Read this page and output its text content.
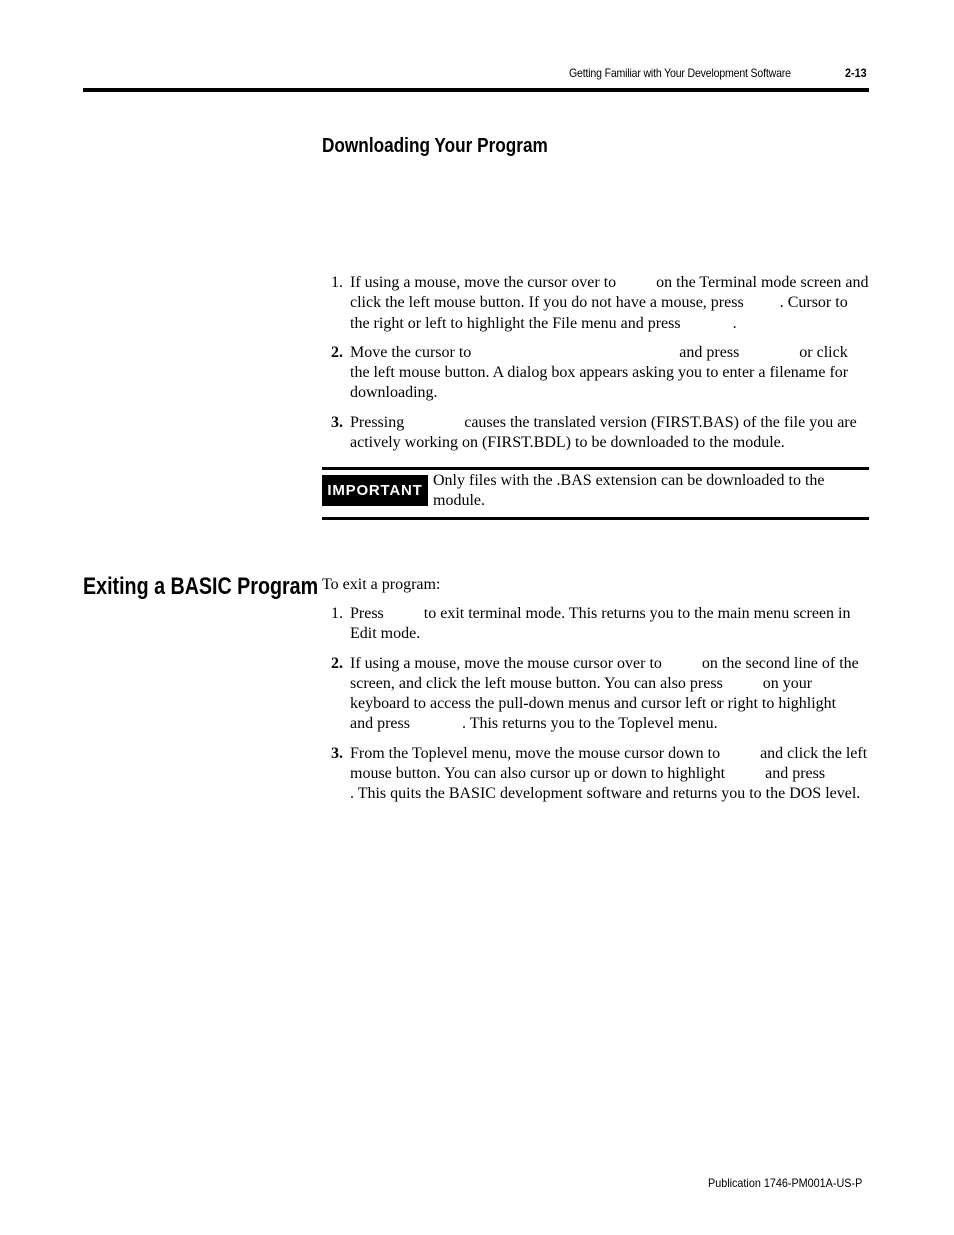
Getting Familiar with Your Development Software	2-13
Downloading Your Program
1. If using a mouse, move the cursor over to          on the Terminal mode screen and click the left mouse button. If you do not have a mouse, press         . Cursor to the right or left to highlight the File menu and press             .
2. Move the cursor to                                                    and press               or click the left mouse button. A dialog box appears asking you to enter a filename for downloading.
3. Pressing               causes the translated version (FIRST.BAS) of the file you are actively working on (FIRST.BDL) to be downloaded to the module.
IMPORTANT
Only files with the .BAS extension can be downloaded to the module.
Exiting a BASIC Program To exit a program:
1. Press          to exit terminal mode. This returns you to the main menu screen in Edit mode.
2. If using a mouse, move the mouse cursor over to          on the second line of the screen, and click the left mouse button. You can also press          on your keyboard to access the pull-down menus and cursor left or right to highlight          and press             . This returns you to the Toplevel menu.
3. From the Toplevel menu, move the mouse cursor down to          and click the left mouse button. You can also cursor up or down to highlight          and press             . This quits the BASIC development software and returns you to the DOS level.
Publication 1746-PM001A-US-P
